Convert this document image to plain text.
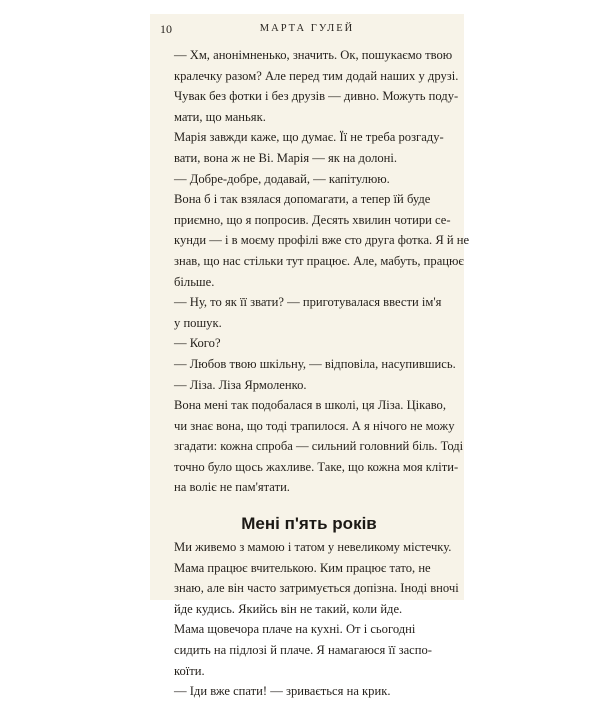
10	МАРТА ГУЛЕЙ

— Хм, анонімненько, значить. Ок, пошукаємо твою
кралечку разом? Але перед тим додай наших у друзі.
Чувак без фотки і без друзів — дивно. Можуть поду-
мати, що маньяк.

Марія завжди каже, що думає. Її не треба розгаду-
вати, вона ж не Ві. Марія — як на долоні.

— Добре-добре, додавай, — капітулюю.

Вона б і так взялася допомагати, а тепер їй буде
приємно, що я попросив. Десять хвилин чотири се-
кунди — і в моєму профілі вже сто друга фотка. Я й не
знав, що нас стільки тут працює. Але, мабуть, працює
більше.

— Ну, то як її звати? — приготувалася ввести ім'я
у пошук.

— Кого?

— Любов твою шкільну, — відповіла, насупившись.

— Ліза. Ліза Ярмоленко.

Вона мені так подобалася в школі, ця Ліза. Цікаво,
чи знає вона, що тоді трапилося. А я нічого не можу
згадати: кожна спроба — сильний головний біль. Тоді
точно було щось жахливе. Таке, що кожна моя клiти-
на волiє не пам'ятати.

Мені п'ять років

Ми живемо з мамою і татом у невеликому містечку.
Мама працює вчителькою. Ким працює тато, не
знаю, але він часто затримується допізна. Іноді вночі
йде кудись. Якийсь він не такий, коли йде.

Мама щовечора плаче на кухні. От і сьогодні
сидить на підлозі й плаче. Я намагаюся її заспо-
коїти.

— Іди вже спати! — зривається на крик.
